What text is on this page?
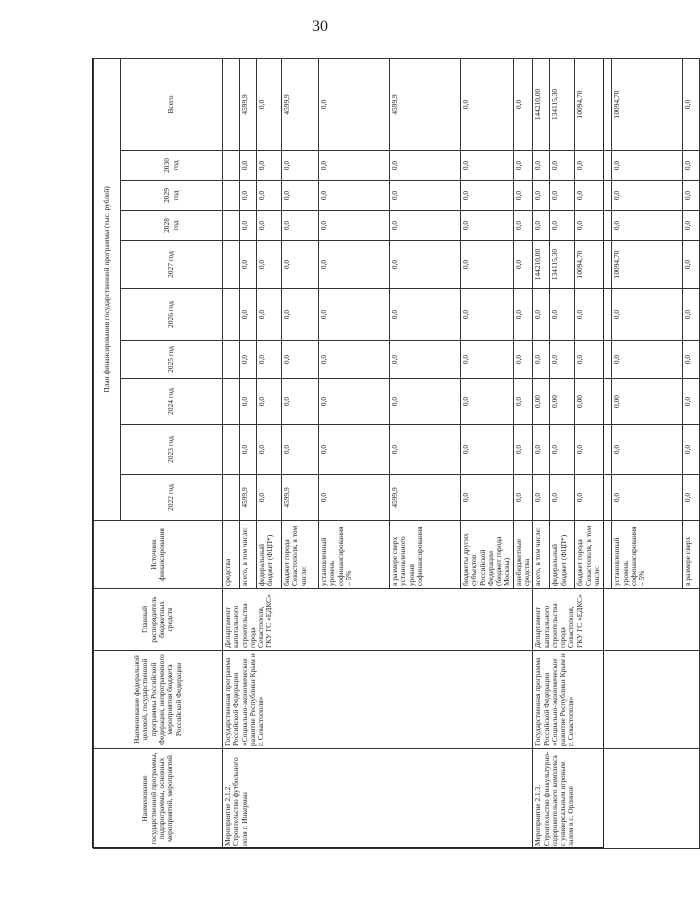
30
Наименование государственной программы, подпрограммы, основных мероприятий, мероприятий	Наименование федеральной целевой, государственной программы Российской Федерации, непрограммного мероприятия бюджета Российской Федерации	Главный распорядитель бюджетных средств	Источник финансирования	План финансирования государственной программы (тыс. рублей)									
				2022 год	2023 год	2024 год	2025 год	2026 год	2027 год	2028 год	2029 год	2030 год	Всего
Мероприятие 2.1.2. Строительство футбольного поля г. Инкерман	Государственная программа Российской Федерации «Социально-экономическое развитие Республики Крым и г. Севастополя»	Департамент капитального строительства города Севастополя, ГКУ ГС «ЕДКС»	средства										
			всего, в том числе:	4599,9	0,0	0,0	0,0	0,0	0,0	0,0	0,0	0,0	4599,9
			федеральный бюджет (ФЦП*)	0,0	0,0	0,0	0,0	0,0	0,0	0,0	0,0	0,0	0,0
			бюджет города Севастополя, в том числе:	4599,9	0,0	0,0	0,0	0,0	0,0	0,0	0,0	0,0	4599,9
			установленный уровень софинансирования – 5%	0,0	0,0	0,0	0,0	0,0	0,0	0,0	0,0	0,0	0,0
			в размере сверх установленного уровня софинансирования	4599,9	0,0	0,0	0,0	0,0	0,0	0,0	0,0	0,0	4599,9
			бюджеты других субъектов Российской Федерации (бюджет города Москвы)	0,0	0,0	0,0	0,0	0,0	0,0	0,0	0,0	0,0	0,0
			внебюджетные средства	0,0	0,0	0,0	0,0	0,0	0,0	0,0	0,0	0,0	0,0
Мероприятие 2.1.3. Строительство физкультурно-оздоровительного комплекса с универсальным игровым залом в с. Орлиное	Государственная программа Российской Федерации «Социально-экономическое развитие Республики Крым и г. Севастополя»	Департамент капитального строительства города Севастополя, ГКУ ГС «ЕДКС»	всего, в том числе:	0,0	0,0	0,00	0,0	0,0	144210,00	0,0	0,0	0,0	144210,00
			федеральный бюджет (ФЦП*)	0,0	0,0	0,00	0,0	0,0	134115,30	0,0	0,0	0,0	134115,30
			бюджет города Севастополя, в том числе:	0,0	0,0	0,00	0,0	0,0	10094,70	0,0	0,0	0,0	10094,70
			установленный уровень софинансирования – 5%	0,0	0,0	0,00	0,0	0,0	10094,70	0,0	0,0	0,0	10094,70
			в размере сверх	0,0	0,0	0,0	0,0	0,0	0,0	0,0	0,0	0,0	0,0
